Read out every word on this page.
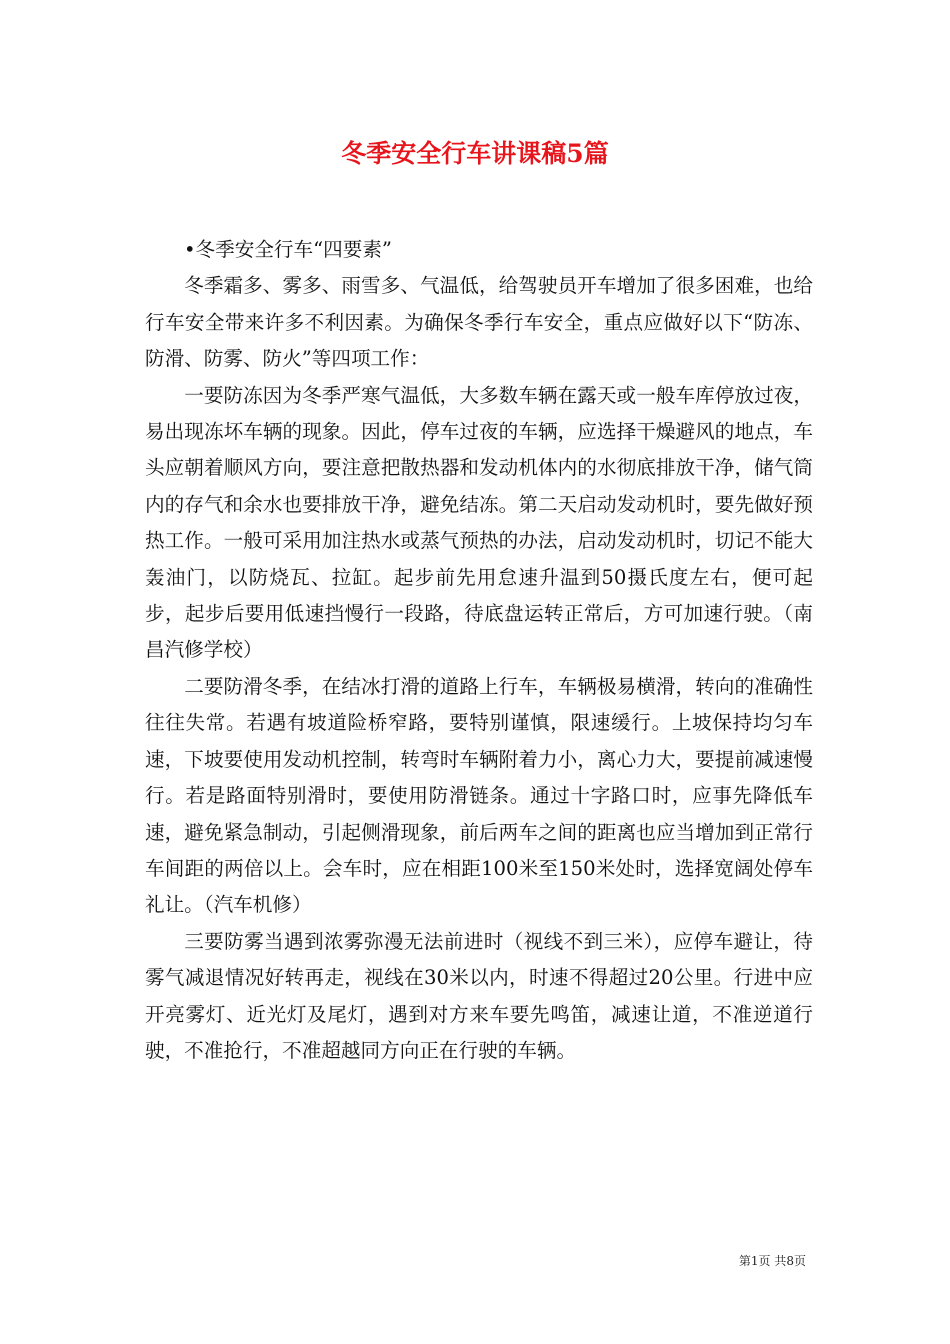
冬季安全行车讲课稿5篇

•冬季安全行车“四要素”

冬季霜多、雾多、雨雪多、气温低，给驾驶员开车增加了很多困难，也给行车安全带来许多不利因素。为确保冬季行车安全，重点应做好以下“防冻、防滑、防雾、防火”等四项工作：

一要防冻因为冬季严寒气温低，大多数车辆在露天或一般车库停放过夜，易出现冻坏车辆的现象。因此，停车过夜的车辆，应选择干燥避风的地点，车头应朝着顺风方向，要注意把散热器和发动机体内的水彻底排放干净，储气筒内的存气和余水也要排放干净，避免结冻。第二天启动发动机时，要先做好预热工作。一般可采用加注热水或蒸气预热的办法，启动发动机时，切记不能大轰油门，以防烧瓦、拉缸。起步前先用怠速升温到50摄氏度左右，便可起步，起步后要用低速挡慢行一段路，待底盘运转正常后，方可加速行驶。（南昌汽修学校）

二要防滑冬季，在结冰打滑的道路上行车，车辆极易横滑，转向的准确性往往失常。若遇有坡道险桥窄路，要特别谨慎，限速缓行。上坡保持均匀车速，下坡要使用发动机控制，转弯时车辆附着力小，离心力大，要提前减速慢行。若是路面特别滑时，要使用防滑链条。通过十字路口时，应事先降低车速，避免紧急制动，引起侧滑现象，前后两车之间的距离也应当增加到正常行车间距的两倍以上。会车时，应在相距100米至150米处时，选择宽阔处停车礼让。（汽车机修）

三要防雾当遇到浓雾弥漫无法前进时（视线不到三米），应停车避让，待雾气减退情况好转再走，视线在30米以内，时速不得超过20公里。行进中应开亮雾灯、近光灯及尾灯，遇到对方来车要先鸣笛，减速让道，不准逆道行驶，不准抢行，不准超越同方向正在行驶的车辆。

第1页 共8页
